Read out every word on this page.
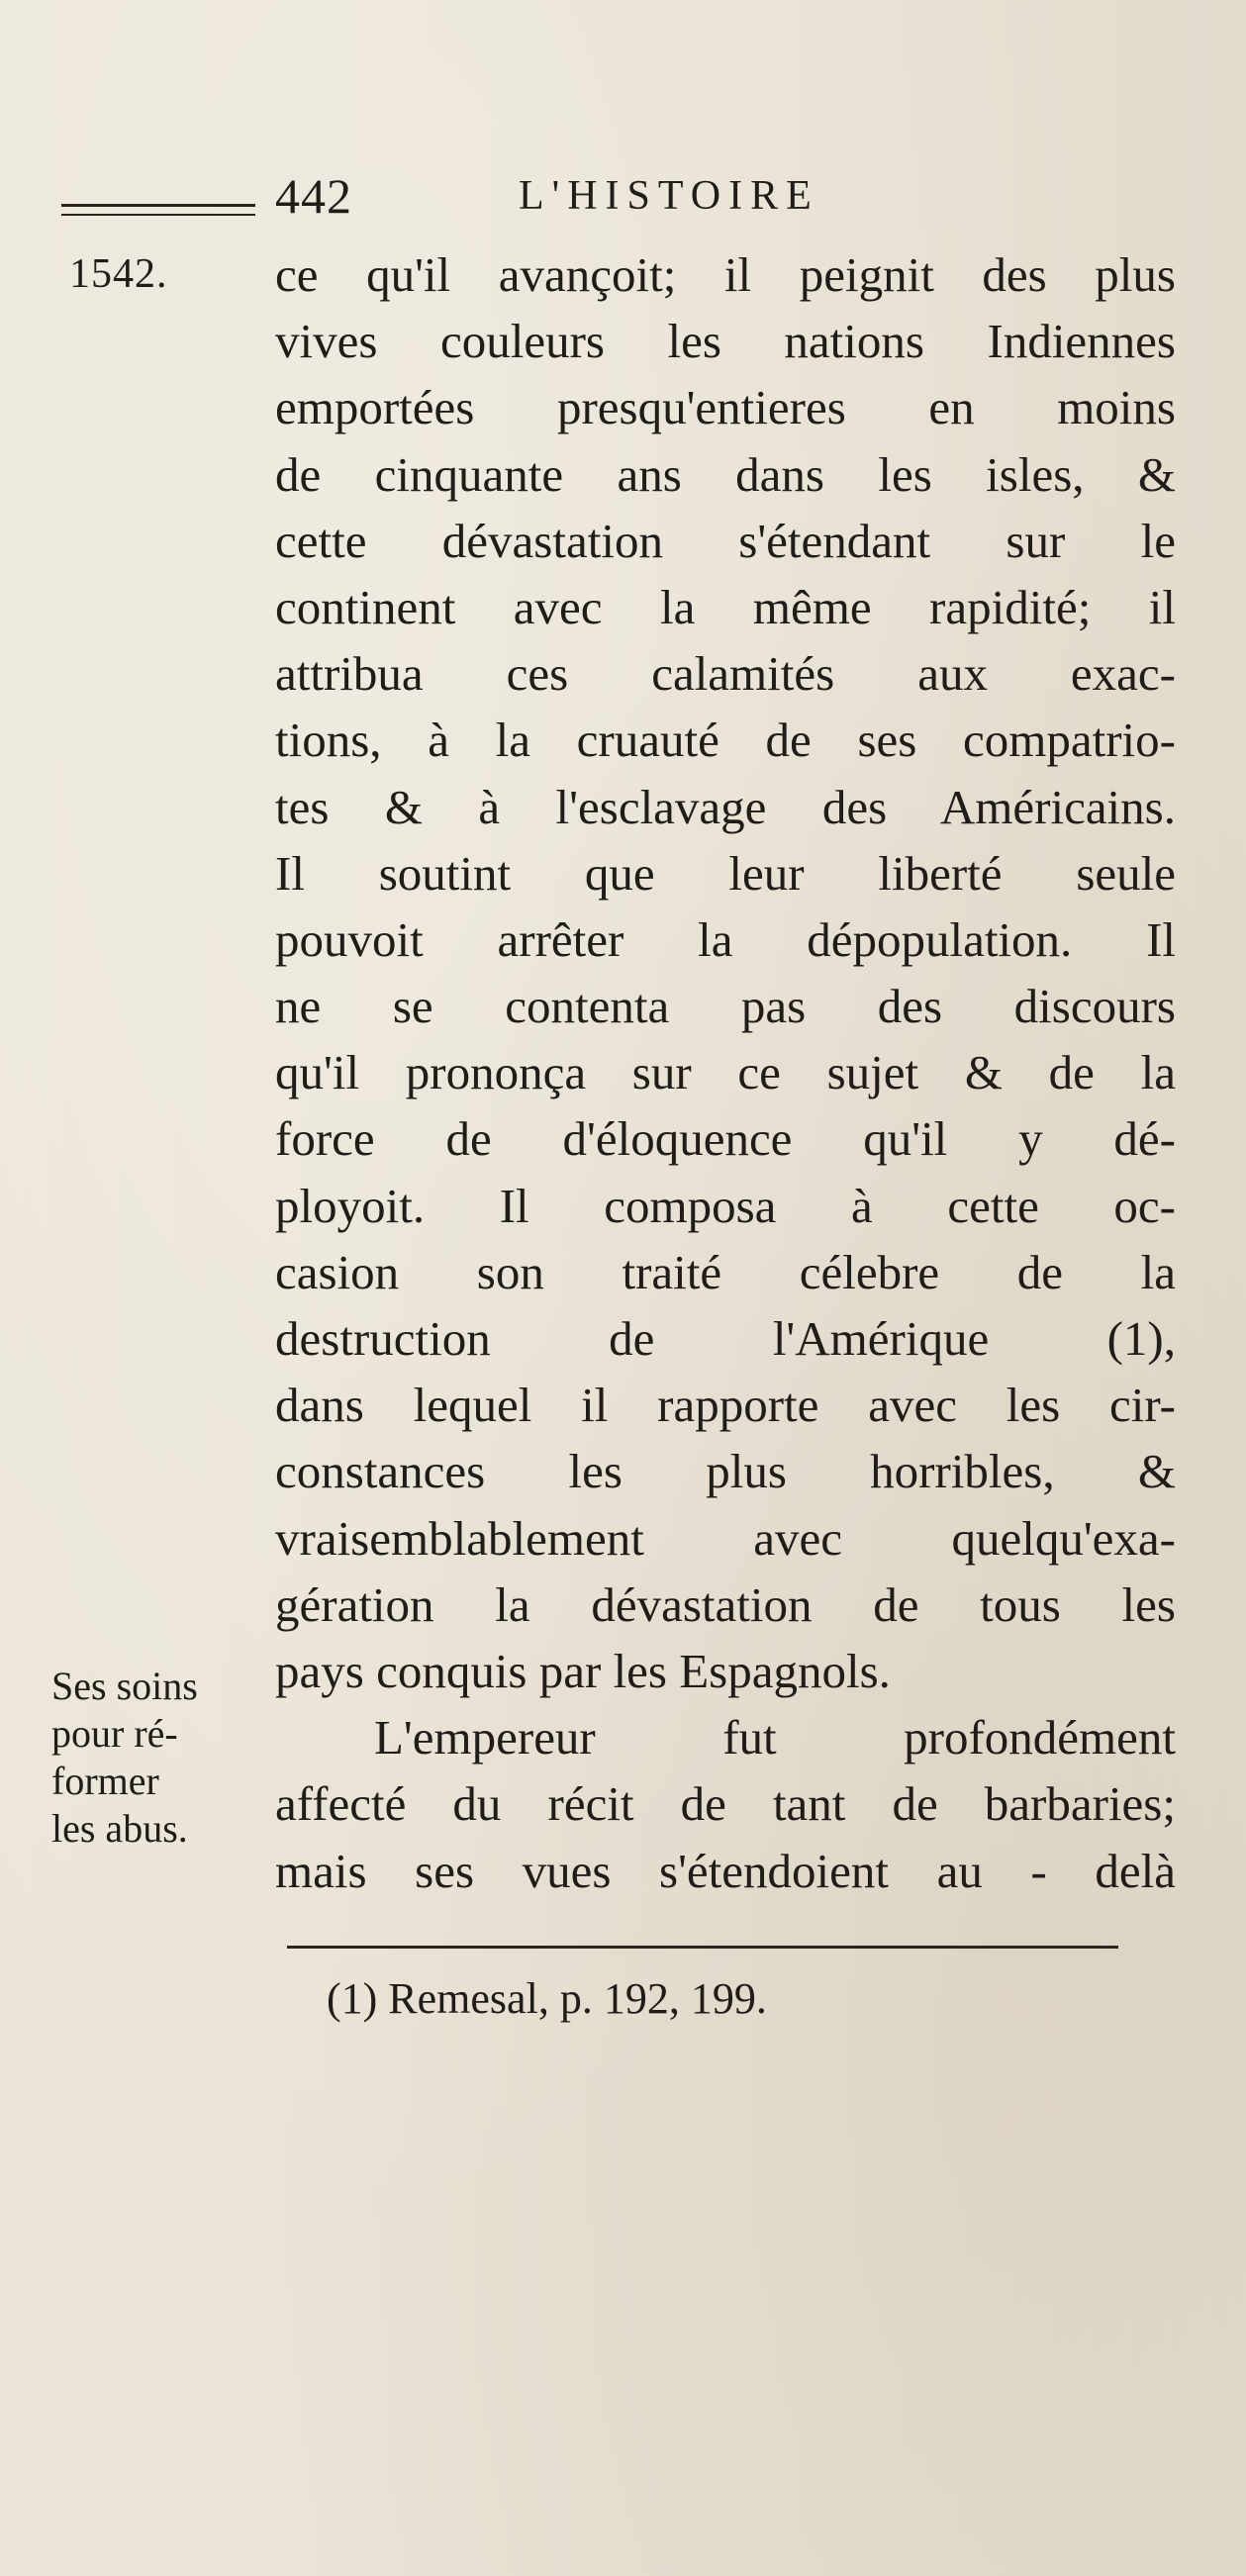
442	L'HISTOIRE
1542. ce qu'il avançoit; il peignit des plus
vives couleurs les nations Indiennes
emportées presqu'entieres en moins
de cinquante ans dans les isles, &
cette dévastation s'étendant sur le
continent avec la même rapidité; il
attribua ces calamités aux exac-
tions, à la cruauté de ses compatrio-
tes & à l'esclavage des Américains.
Il soutint que leur liberté seule
pouvoit arrêter la dépopulation. Il
ne se contenta pas des discours
qu'il prononça sur ce sujet & de la
force de d'éloquence qu'il y dé-
ployoit. Il composa à cette oc-
casion son traité célebre de la
destruction de l'Amérique (1),
dans lequel il rapporte avec les cir-
constances les plus horribles, &
vraisemblablement avec quelqu'exa-
gération la dévastation de tous les
pays conquis par les Espagnols.
L'empereur fut profondément
affecté du récit de tant de barbaries;
mais ses vues s'étendoient au - delà
Ses soins
pour ré-
former
les abus.
(1) Remesal, p. 192, 199.
